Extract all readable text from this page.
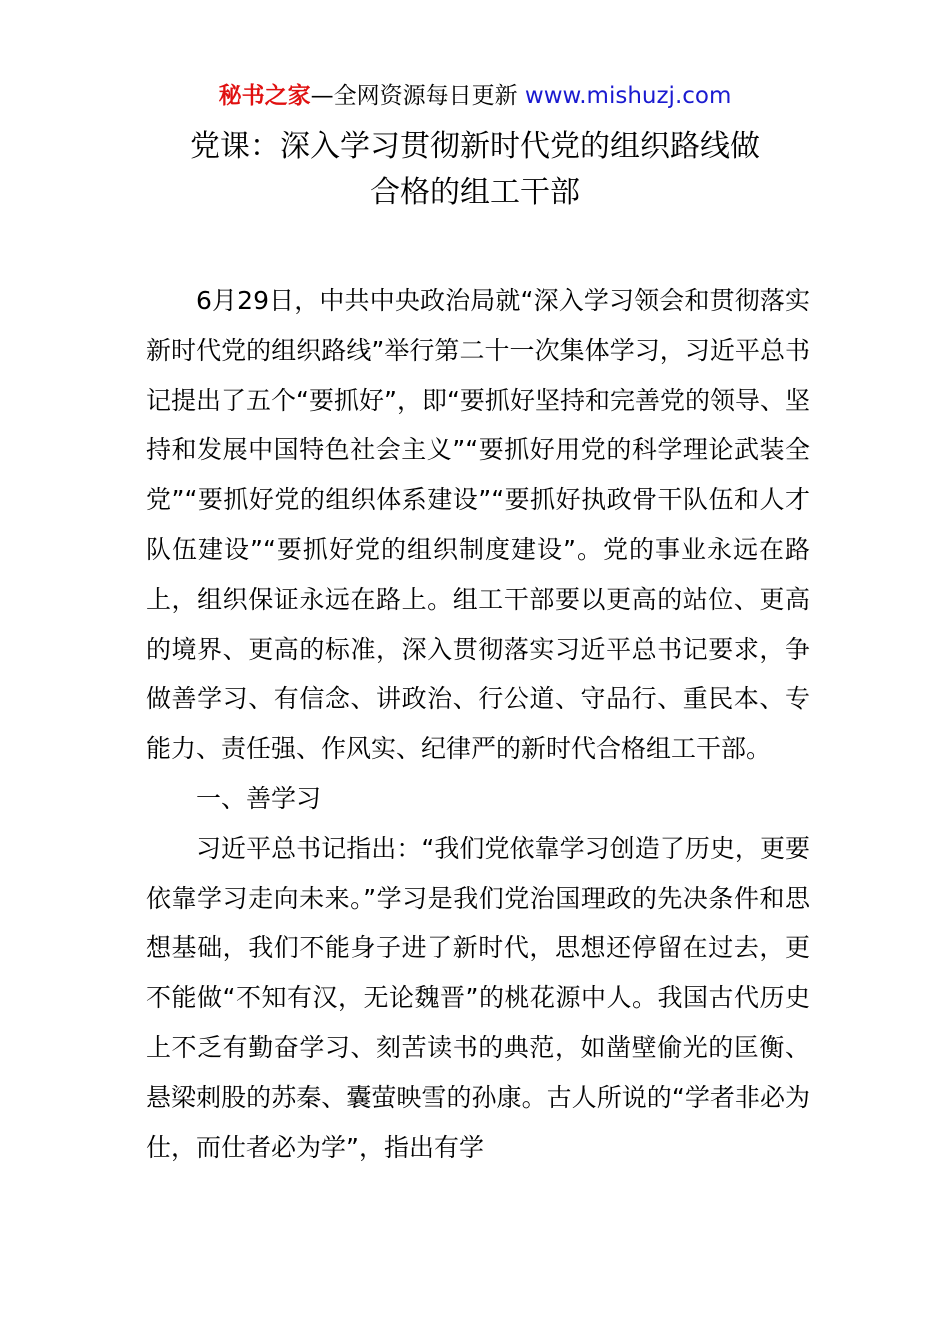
秘书之家—全网资源每日更新 www.mishuzj.com
党课：深入学习贯彻新时代党的组织路线做
合格的组工干部

6月29日，中共中央政治局就“深入学习领会和贯彻落实新时代党的组织路线”举行第二十一次集体学习，习近平总书记提出了五个“要抓好”，即“要抓好坚持和完善党的领导、坚持和发展中国特色社会主义”“要抓好用党的科学理论武装全党”“要抓好党的组织体系建设”“要抓好执政骨干队伍和人才队伍建设”“要抓好党的组织制度建设”。党的事业永远在路上，组织保证永远在路上。组工干部要以更高的站位、更高的境界、更高的标准，深入贯彻落实习近平总书记要求，争做善学习、有信念、讲政治、行公道、守品行、重民本、专能力、责任强、作风实、纪律严的新时代合格组工干部。

一、善学习

习近平总书记指出：“我们党依靠学习创造了历史，更要依靠学习走向未来。”学习是我们党治国理政的先决条件和思想基础，我们不能身子进了新时代，思想还停留在过去，更不能做“不知有汉，无论魏晋”的桃花源中人。我国古代历史上不乏有勤奋学习、刻苦读书的典范，如凿壁偷光的匡衡、悬梁刺股的苏秦、囊萤映雪的孙康。古人所说的“学者非必为仕，而仕者必为学”，指出有学
